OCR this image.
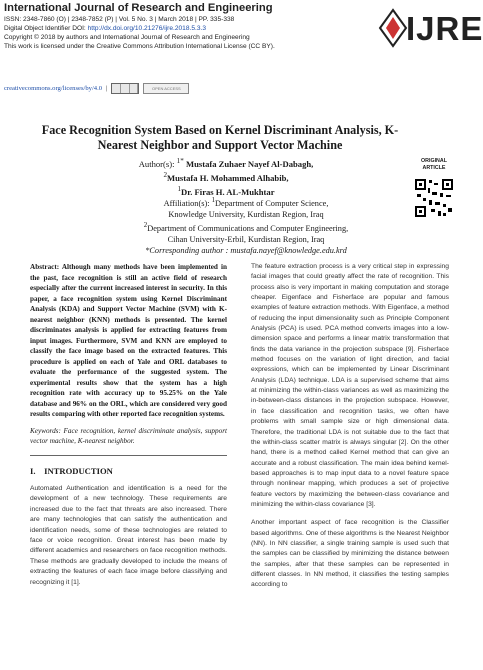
International Journal of Research and Engineering
ISSN: 2348-7860 (O) | 2348-7852 (P) | Vol. 5 No. 3 | March 2018 | PP. 335-338
Digital Object Identifier DOI: http://dx.doi.org/10.21276/ijre.2018.5.3.3
Copyright © 2018 by authors and International Journal of Research and Engineering
This work is licensed under the Creative Commons Attribution International License (CC BY).	IJRE
creativecommons.org/licenses/by/4.0 |	OPEN ACCESS
Face Recognition System Based on Kernel Discriminant Analysis, K-Nearest Neighbor and Support Vector Machine
Author(s): $^{1*}$ Mustafa Zuhaer Nayef Al-Dabagh,
$^2$Mustafa H. Mohammed Alhabib,
$^1$Dr. Firas H. AL-Mukhtar
Affiliation(s): $^1$Department of Computer Science,
Knowledge University, Kurdistan Region, Iraq
$^2$Department of Communications and Computer Engineering,
Cihan University-Erbil, Kurdistan Region, Iraq
*Corresponding author : mustafa.nayef@knowledge.edu.krd
ORIGINAL
ARTICLE

Abstract: Although many methods have been implemented in the past, face recognition is still an active field of research especially after the current increased interest in security. In this paper, a face recognition system using Kernel Discriminant Analysis (KDA) and Support Vector Machine (SVM) with K-nearest neighbor (KNN) methods is presented. The kernel discriminates analysis is applied for extracting features from input images. Furthermore, SVM and KNN are employed to classify the face image based on the extracted features. This procedure is applied on each of Yale and ORL databases to evaluate the performance of the suggested system. The experimental results show that the system has a high recognition rate with accuracy up to 95.25% on the Yale database and 96% on the ORL, which are considered very good results comparing with other reported face recognition systems.

Keywords: Face recognition, kernel discriminate analysis, support vector machine, K-nearest neighbor.

I. INTRODUCTION

Automated Authentication and identification is a need for the development of a new technology. These requirements are increased due to the fact that threats are also increased. There are many technologies that can satisfy the authentication and identification needs, some of these technologies are related to face or voice recognition. Great interest has been made by different academics and researchers on face recognition methods. These methods are gradually developed to include the means of extracting the features of each face image before classifying and recognizing it [1].

The feature extraction process is a very critical step in expressing facial images that could greatly affect the rate of recognition. This process also is very important in making computation and storage cheaper. Eigenface and Fisherface are popular and famous examples of feature extraction methods. With Eigenface, a method of reducing the input dimensionality such as Principle Component Analysis (PCA) is used. PCA method converts images into a low-dimension space and performs a linear matrix transformation that finds the data variance in the projection subspace [9]. Fisherface method focuses on the variation of light direction, and facial expressions, which can be implemented by Linear Discriminant Analysis (LDA) technique. LDA is a supervised scheme that aims at minimizing the within-class variances as well as maximizing the in-between-class distances in the projection subspace. However, in face classification and recognition tasks, we often have problems with small sample size or high dimensional data. Therefore, the traditional LDA is not suitable due to the fact that the within-class scatter matrix is always singular [2]. On the other hand, there is a method called Kernel method that can give an accurate and a robust classification. The main idea behind kernel-based approaches is to map input data to a novel feature space through nonlinear mapping, which produces a set of projective feature vectors by maximizing the between-class covariance and minimizing the within-class covariance [3].

Another important aspect of face recognition is the Classifier based algorithms. One of these algorithms is the Nearest Neighbor (NN). In NN classifier, a single training sample is used such that the samples can be classified by minimizing the distance between the samples, after that these samples can be represented in different classes. In NN method, it classifies the testing samples according to
